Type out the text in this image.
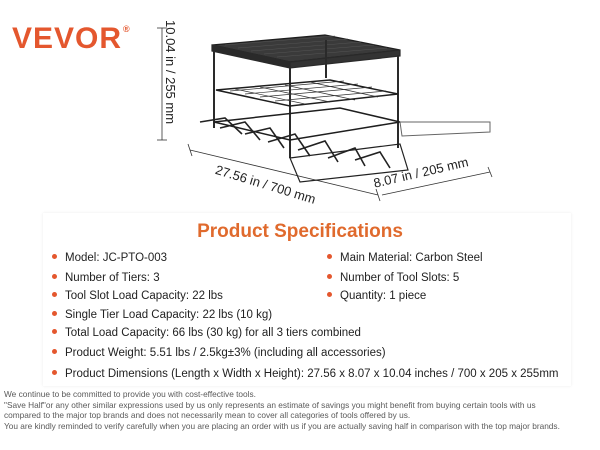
VEVOR® 10.04 in / 255 mm
27.56 in / 700 mm	8.07 in / 205 mm
Product Specifications
Model: JC-PTO-003
Number of Tiers: 3
Tool Slot Load Capacity: 22 lbs
Main Material: Carbon Steel
Number of Tool Slots: 5
Quantity: 1 piece
Single Tier Load Capacity: 22 lbs (10 kg)
Total Load Capacity: 66 lbs (30 kg) for all 3 tiers combined
Product Weight: 5.51 lbs / 2.5kg±3% (including all accessories)
Product Dimensions (Length x Width x Height): 27.56 x 8.07 x 10.04 inches / 700 x 205 x 255mm
We continue to be committed to provide you with cost-effective tools.
"Save Half"or any other similar expressions used by us only represents an estimate of savings you might benefit from buying certain tools with us
compared to the major top brands and does not necessarily mean to cover all categories of tools offered by us.
You are kindly reminded to verify carefully when you are placing an order with us if you are actually saving half in comparison with the top major brands.
